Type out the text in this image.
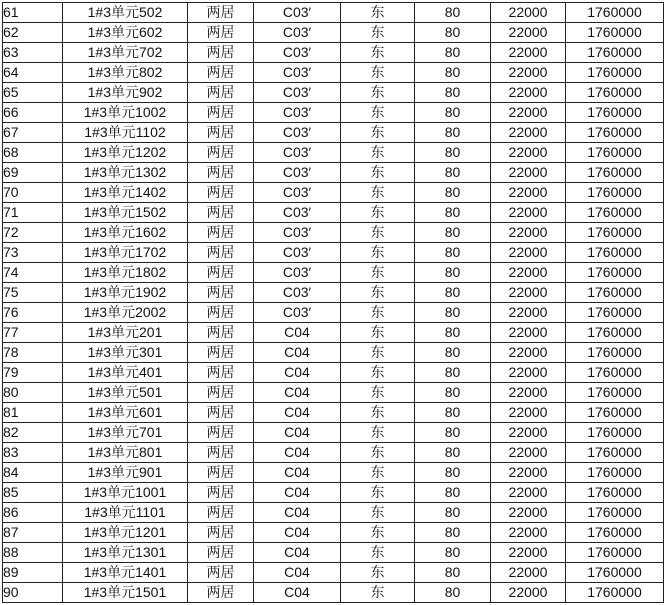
61	1#3单元502	两居	C03′	东	80	22000	1760000
62	1#3单元602	两居	C03′	东	80	22000	1760000
63	1#3单元702	两居	C03′	东	80	22000	1760000
64	1#3单元802	两居	C03′	东	80	22000	1760000
65	1#3单元902	两居	C03′	东	80	22000	1760000
66	1#3单元1002	两居	C03′	东	80	22000	1760000
67	1#3单元1102	两居	C03′	东	80	22000	1760000
68	1#3单元1202	两居	C03′	东	80	22000	1760000
69	1#3单元1302	两居	C03′	东	80	22000	1760000
70	1#3单元1402	两居	C03′	东	80	22000	1760000
71	1#3单元1502	两居	C03′	东	80	22000	1760000
72	1#3单元1602	两居	C03′	东	80	22000	1760000
73	1#3单元1702	两居	C03′	东	80	22000	1760000
74	1#3单元1802	两居	C03′	东	80	22000	1760000
75	1#3单元1902	两居	C03′	东	80	22000	1760000
76	1#3单元2002	两居	C03′	东	80	22000	1760000
77	1#3单元201	两居	C04	东	80	22000	1760000
78	1#3单元301	两居	C04	东	80	22000	1760000
79	1#3单元401	两居	C04	东	80	22000	1760000
80	1#3单元501	两居	C04	东	80	22000	1760000
81	1#3单元601	两居	C04	东	80	22000	1760000
82	1#3单元701	两居	C04	东	80	22000	1760000
83	1#3单元801	两居	C04	东	80	22000	1760000
84	1#3单元901	两居	C04	东	80	22000	1760000
85	1#3单元1001	两居	C04	东	80	22000	1760000
86	1#3单元1101	两居	C04	东	80	22000	1760000
87	1#3单元1201	两居	C04	东	80	22000	1760000
88	1#3单元1301	两居	C04	东	80	22000	1760000
89	1#3单元1401	两居	C04	东	80	22000	1760000
90	1#3单元1501	两居	C04	东	80	22000	1760000
